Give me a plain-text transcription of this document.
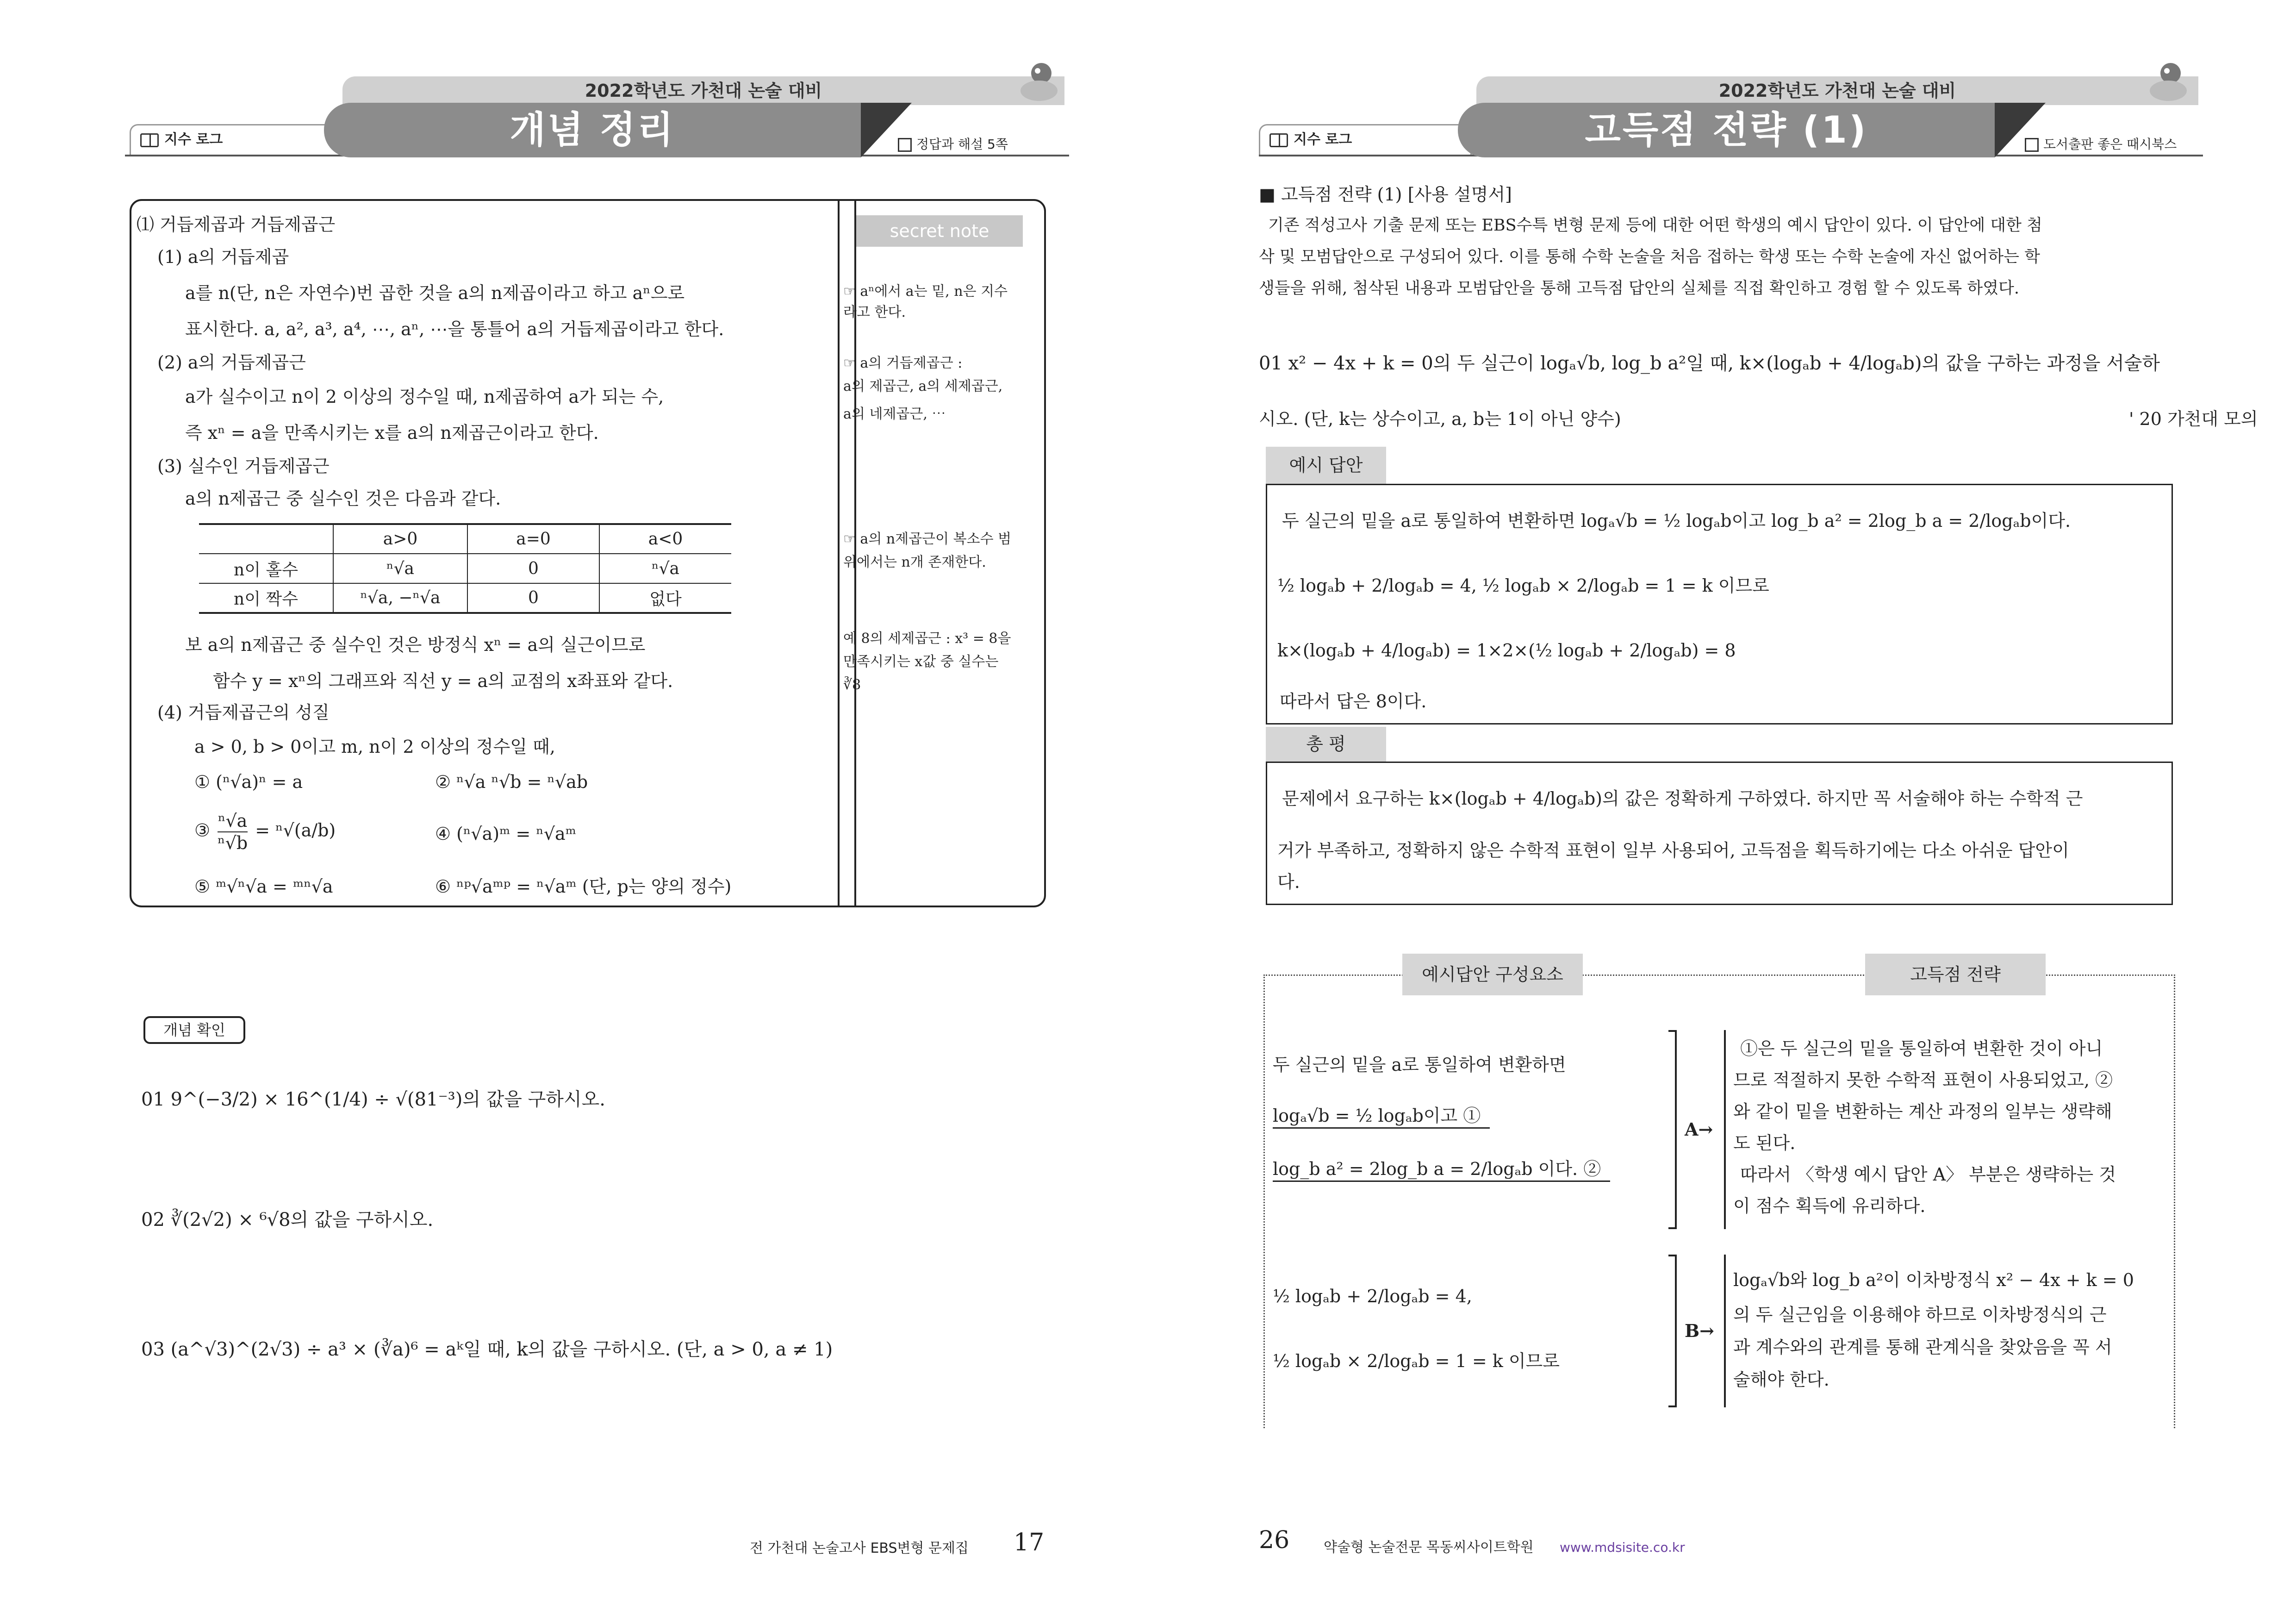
2022학년도 가천대 논술 대비
지수 로그	개념 정리	정답과 해설 5쪽
⑴ 거듭제곱과 거듭제곱근
(1) a의 거듭제곱
a를 n(단, n은 자연수)번 곱한 것을 a의 n제곱이라고 하고 aⁿ으로
표시한다. a, a², a³, a⁴, ⋯, aⁿ, ⋯을 통틀어 a의 거듭제곱이라고 한다.
(2) a의 거듭제곱근
a가 실수이고 n이 2 이상의 정수일 때, n제곱하여 a가 되는 수,
즉 xⁿ = a을 만족시키는 x를 a의 n제곱근이라고 한다.
(3) 실수인 거듭제곱근
a의 n제곱근 중 실수인 것은 다음과 같다.
	a>0	a=0	a<0
n이 홀수	ⁿ√a	0	ⁿ√a
n이 짝수	ⁿ√a, −ⁿ√a	0	없다
보 a의 n제곱근 중 실수인 것은 방정식 xⁿ = a의 실근이므로
함수 y = xⁿ의 그래프와 직선 y = a의 교점의 x좌표와 같다.
(4) 거듭제곱근의 성질
a > 0, b > 0이고 m, n이 2 이상의 정수일 때,
① (ⁿ√a)ⁿ = a	② ⁿ√a ⁿ√b = ⁿ√ab
③ $\frac{\text{ⁿ√a}}{\text{ⁿ√b}} = ^n√(a/b)$	④ (ⁿ√a)ᵐ = ⁿ√aᵐ
⑤ ᵐ√ⁿ√a = ᵐⁿ√a	⑥ ⁿᵖ√aᵐᵖ = ⁿ√aᵐ (단, p는 양의 정수)
secret note
☞ aⁿ에서 a는 밑, n은 지수
라고 한다.
☞ a의 거듭제곱근 :
a의 제곱근, a의 세제곱근,
a의 네제곱근, ⋯
☞ a의 n제곱근이 복소수 범
위에서는 n개 존재한다.
예 8의 세제곱근 : x³ = 8을
만족시키는 x값 중 실수는
∛8
개념 확인
01 9^(−3/2) × 16^(1/4) ÷ √(81⁻³)의 값을 구하시오.
02 ∛(2√2) × ⁶√8의 값을 구하시오.
03 (a^√3)^(2√3) ÷ a³ × (∛a)⁶ = aᵏ일 때, k의 값을 구하시오. (단, a > 0, a ≠ 1)
전 가천대 논술고사 EBS변형 문제집 17
2022학년도 가천대 논술 대비
지수 로그	고득점 전략 (1)	도서출판 좋은 때시북스
■ 고득점 전략 (1) [사용 설명서]
기존 적성고사 기출 문제 또는 EBS수특 변형 문제 등에 대한 어떤 학생의 예시 답안이 있다. 이 답안에 대한 첨
삭 및 모범답안으로 구성되어 있다. 이를 통해 수학 논술을 처음 접하는 학생 또는 수학 논술에 자신 없어하는 학
생들을 위해, 첨삭된 내용과 모범답안을 통해 고득점 답안의 실체를 직접 확인하고 경험 할 수 있도록 하였다.
01 x² − 4x + k = 0의 두 실근이 logₐ√b, log_b a²일 때, k×(logₐb + 4/logₐb)의 값을 구하는 과정을 서술하
시오. (단, k는 상수이고, a, b는 1이 아닌 양수)	' 20 가천대 모의
예시 답안
두 실근의 밑을 a로 통일하여 변환하면 logₐ√b = ½ logₐb이고 log_b a² = 2log_b a = 2/logₐb이다.
½ logₐb + 2/logₐb = 4, ½ logₐb × 2/logₐb = 1 = k 이므로
k×(logₐb + 4/logₐb) = 1×2×(½ logₐb + 2/logₐb) = 8
따라서 답은 8이다.
총 평
문제에서 요구하는 k×(logₐb + 4/logₐb)의 값은 정확하게 구하였다. 하지만 꼭 서술해야 하는 수학적 근
거가 부족하고, 정확하지 않은 수학적 표현이 일부 사용되어, 고득점을 획득하기에는 다소 아쉬운 답안이
다.
예시답안 구성요소	고득점 전략
두 실근의 밑을 a로 통일하여 변환하면
logₐ√b = ½ logₐb이고 ①
log_b a² = 2log_b a = 2/logₐb 이다. ②
A→
①은 두 실근의 밑을 통일하여 변환한 것이 아니
므로 적절하지 못한 수학적 표현이 사용되었고, ②
와 같이 밑을 변환하는 계산 과정의 일부는 생략해
도 된다.
따라서 〈학생 예시 답안 A〉 부분은 생략하는 것
이 점수 획득에 유리하다.
½ logₐb + 2/logₐb = 4,
½ logₐb × 2/logₐb = 1 = k 이므로
B→
logₐ√b와 log_b a²이 이차방정식 x² − 4x + k = 0
의 두 실근임을 이용해야 하므로 이차방정식의 근
과 계수와의 관계를 통해 관계식을 찾았음을 꼭 서
술해야 한다.
26 약술형 논술전문 목동씨사이트학원 www.mdsisite.co.kr
